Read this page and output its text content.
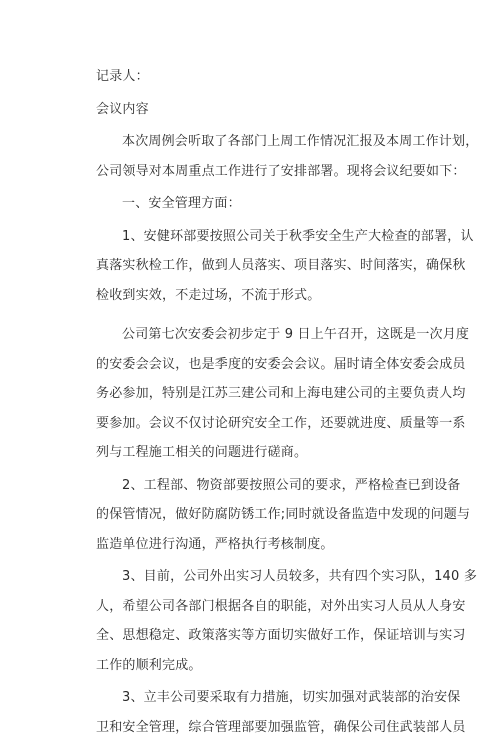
记录人：
会议内容
本次周例会听取了各部门上周工作情况汇报及本周工作计划，
公司领导对本周重点工作进行了安排部署。现将会议纪要如下：
一、安全管理方面：
1、安健环部要按照公司关于秋季安全生产大检查的部署，认
真落实秋检工作，做到人员落实、项目落实、时间落实，确保秋
检收到实效，不走过场，不流于形式。
公司第七次安委会初步定于 9 日上午召开，这既是一次月度
的安委会会议，也是季度的安委会会议。届时请全体安委会成员
务必参加，特别是江苏三建公司和上海电建公司的主要负责人均
要参加。会议不仅讨论研究安全工作，还要就进度、质量等一系
列与工程施工相关的问题进行磋商。
2、工程部、物资部要按照公司的要求，严格检查已到设备
的保管情况，做好防腐防锈工作;同时就设备监造中发现的问题与
监造单位进行沟通，严格执行考核制度。
3、目前，公司外出实习人员较多，共有四个实习队，140 多
人，希望公司各部门根据各自的职能，对外出实习人员从人身安
全、思想稳定、政策落实等方面切实做好工作，保证培训与实习
工作的顺利完成。
3、立丰公司要采取有力措施，切实加强对武装部的治安保
卫和安全管理，综合管理部要加强监管，确保公司住武装部人员
